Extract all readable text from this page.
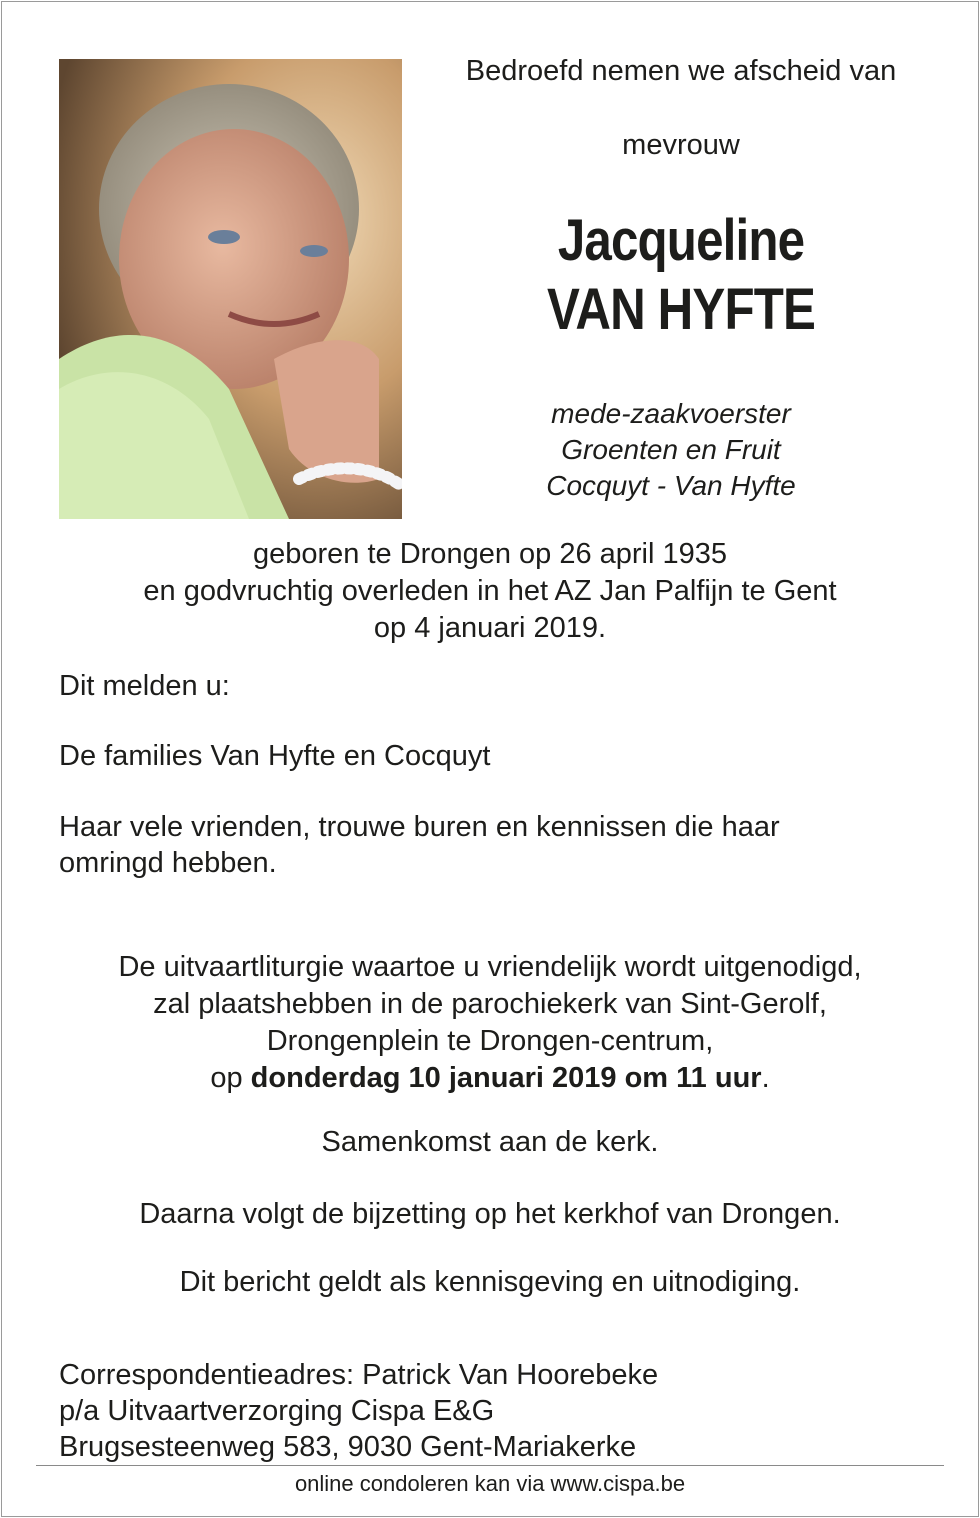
Bedroefd nemen we afscheid van
mevrouw
Jacqueline
VAN HYFTE
mede-zaakvoerster
Groenten en Fruit
Cocquyt - Van Hyfte
geboren te Drongen op 26 april 1935
en godvruchtig overleden in het AZ Jan Palfijn te Gent
op 4 januari 2019.
Dit melden u:
De families Van Hyfte en Cocquyt
Haar vele vrienden, trouwe buren en kennissen die haar
omringd hebben.
De uitvaartliturgie waartoe u vriendelijk wordt uitgenodigd,
zal plaatshebben in de parochiekerk van Sint-Gerolf,
Drongenplein te Drongen-centrum,
op donderdag 10 januari 2019 om 11 uur.
Samenkomst aan de kerk.
Daarna volgt de bijzetting op het kerkhof van Drongen.
Dit bericht geldt als kennisgeving en uitnodiging.
Correspondentieadres: Patrick Van Hoorebeke
p/a Uitvaartverzorging Cispa E&G
Brugsesteenweg 583, 9030 Gent-Mariakerke
online condoleren kan via www.cispa.be
